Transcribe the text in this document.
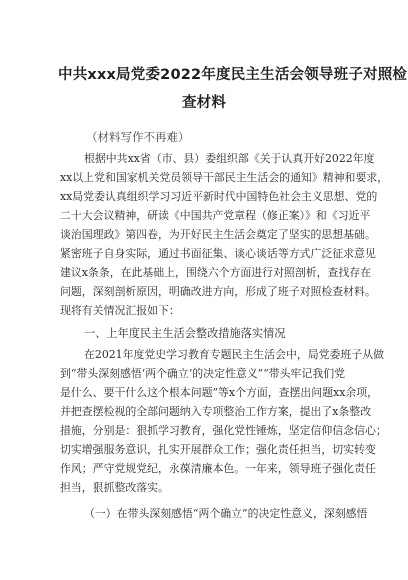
中共xxx局党委2022年度民主生活会领导班子对照检
查材料
（材料写作不再难）
根据中共xx省（市、县）委组织部《关于认真开好2022年度
xx以上党和国家机关党员领导干部民主生活会的通知》精神和要求，
xx局党委认真组织学习习近平新时代中国特色社会主义思想、党的
二十大会议精神，研读《中国共产党章程（修正案）》和《习近平
谈治国理政》第四卷，为开好民主生活会奠定了坚实的思想基础。
紧密班子自身实际，通过书面征集、谈心谈话等方式广泛征求意见
建议x条条，在此基础上，围绕六个方面进行对照剖析，查找存在
问题，深刻剖析原因，明确改进方向，形成了班子对照检查材料。
现将有关情况汇报如下：
一、上年度民主生活会整改措施落实情况
在2021年度党史学习教育专题民主生活会中，局党委班子从做
到“带头深刻感悟‘两个确立’的决定性意义”“带头牢记我们党
是什么、要干什么这个根本问题”等x个方面，查摆出问题xx余项，
并把查摆检视的全部问题纳入专项整治工作方案，提出了x条整改
措施，分别是：狠抓学习教育，强化党性锤炼，坚定信仰信念信心；
切实增强服务意识，扎实开展群众工作；强化责任担当，切实转变
作风；严守党规党纪，永葆清廉本色。一年来，领导班子强化责任
担当，狠抓整改落实。
（一）在带头深刻感悟“两个确立”的决定性意义，深刻感悟
